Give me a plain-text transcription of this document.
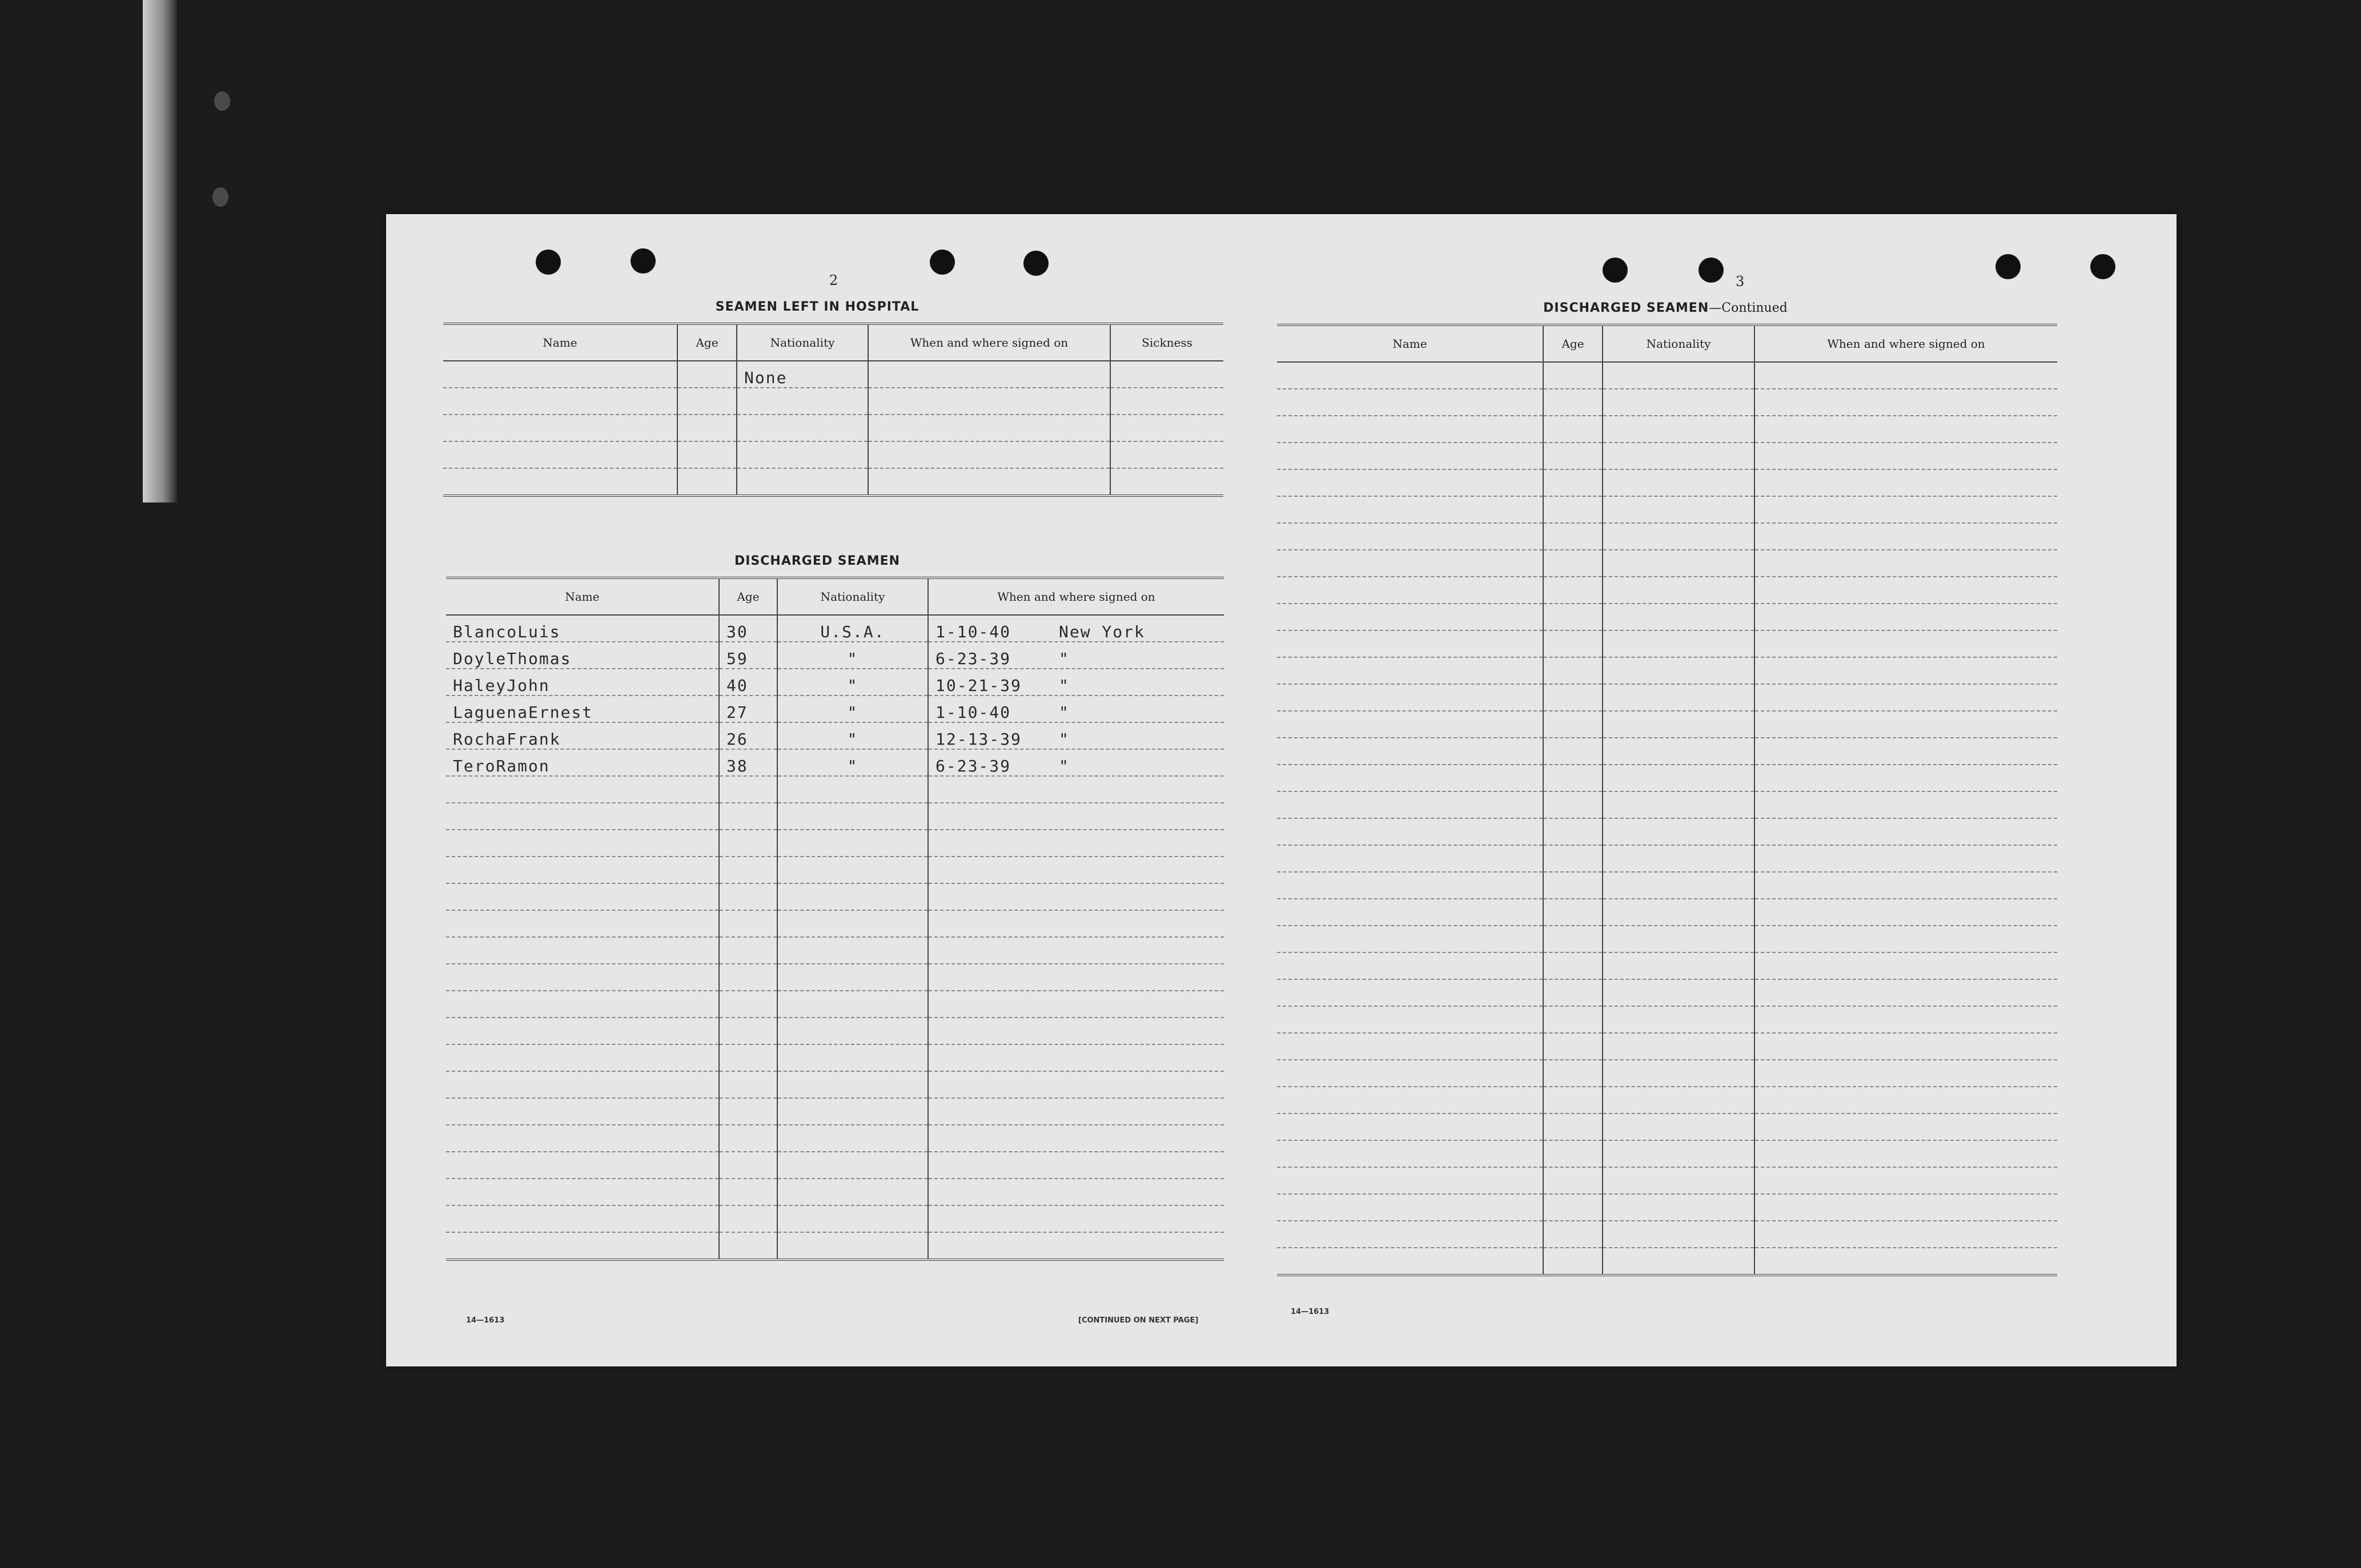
2
SEAMEN LEFT IN HOSPITAL
Name	Age	Nationality	When and where signed on	Sickness
		None		

DISCHARGED SEAMEN
Name	Age	Nationality	When and where signed on
BlancoLuis	30	U.S.A.	1-10-40 New York
DoyleThomas	59	"	6-23-39 "
HaleyJohn	40	"	10-21-39 "
LaguenaErnest	27	"	1-10-40 "
RochaFrank	26	"	12-13-39 "
TeroRamon	38	"	6-23-39 "

14—1613	[CONTINUED ON NEXT PAGE]
3
DISCHARGED SEAMEN—Continued
Name	Age	Nationality	When and where signed on

14—1613
